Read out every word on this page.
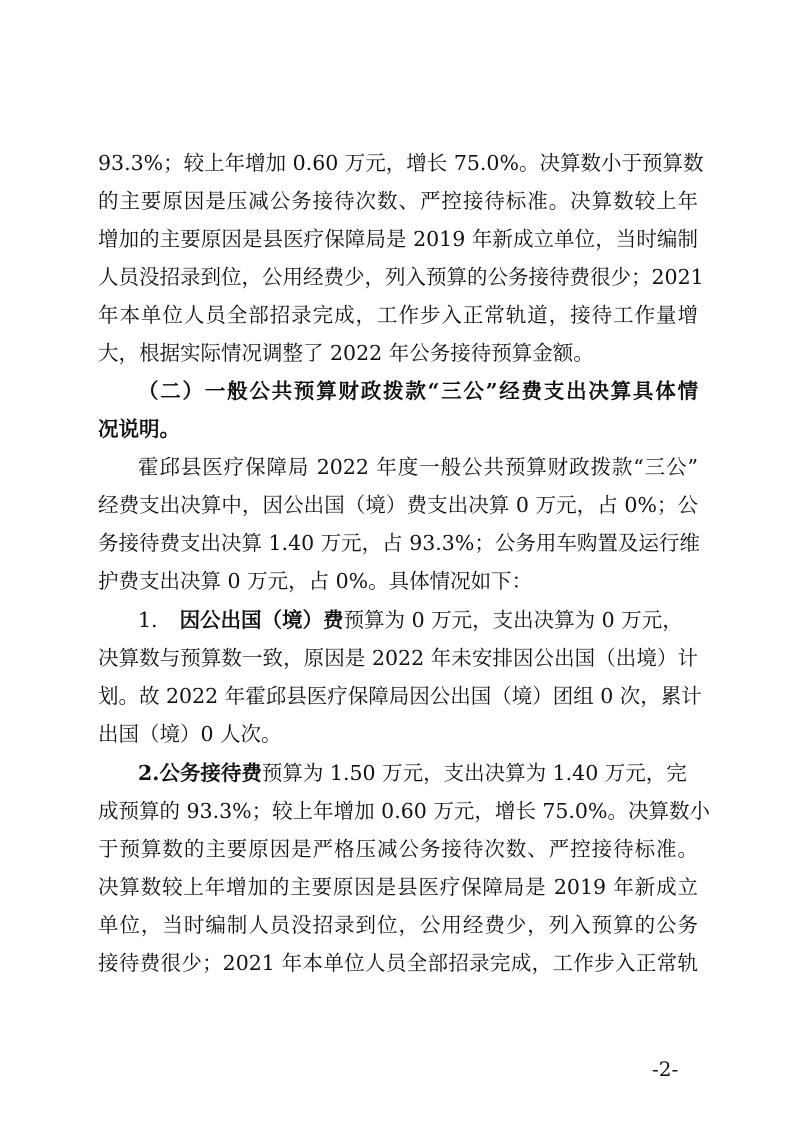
93.3%；较上年增加 0.60 万元，增长 75.0%。决算数小于预算数
的主要原因是压减公务接待次数、严控接待标准。决算数较上年
增加的主要原因是县医疗保障局是 2019 年新成立单位，当时编制
人员没招录到位，公用经费少，列入预算的公务接待费很少；2021
年本单位人员全部招录完成，工作步入正常轨道，接待工作量增
大，根据实际情况调整了 2022 年公务接待预算金额。
（二）一般公共预算财政拨款“三公”经费支出决算具体情
况说明。
霍邱县医疗保障局 2022 年度一般公共预算财政拨款“三公”
经费支出决算中，因公出国（境）费支出决算 0 万元，占 0%；公
务接待费支出决算 1.40 万元，占 93.3%；公务用车购置及运行维
护费支出决算 0 万元，占 0%。具体情况如下：
1. 因公出国（境）费预算为 0 万元，支出决算为 0 万元，
决算数与预算数一致，原因是 2022 年未安排因公出国（出境）计
划。故 2022 年霍邱县医疗保障局因公出国（境）团组 0 次，累计
出国（境）0 人次。
2.公务接待费预算为 1.50 万元，支出决算为 1.40 万元，完
成预算的 93.3%；较上年增加 0.60 万元，增长 75.0%。决算数小
于预算数的主要原因是严格压减公务接待次数、严控接待标准。
决算数较上年增加的主要原因是县医疗保障局是 2019 年新成立
单位，当时编制人员没招录到位，公用经费少，列入预算的公务
接待费很少；2021 年本单位人员全部招录完成，工作步入正常轨
-2-
